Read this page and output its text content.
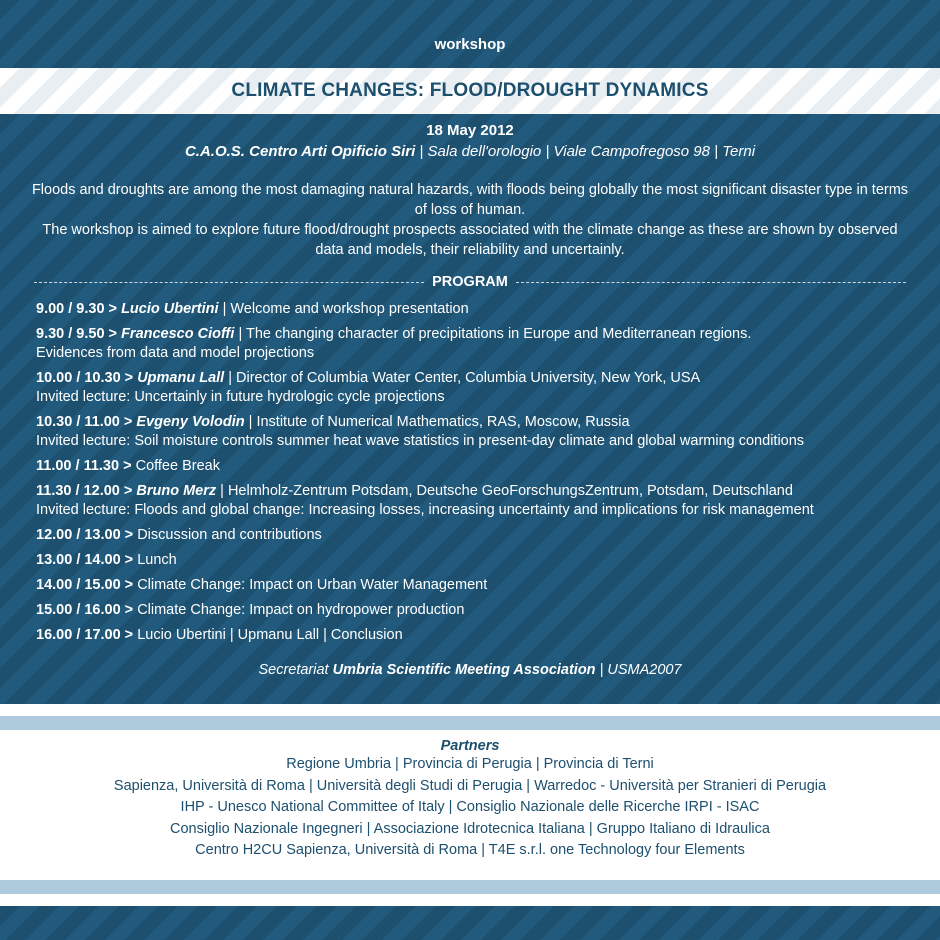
workshop
CLIMATE CHANGES: FLOOD/DROUGHT DYNAMICS
18 May 2012
C.A.O.S. Centro Arti Opificio Siri | Sala dell'orologio | Viale Campofregoso 98 | Terni

Floods and droughts are among the most damaging natural hazards, with floods being globally the most significant disaster type in terms of loss of human.

The workshop is aimed to explore future flood/drought prospects associated with the climate change as these are shown by observed data and models, their reliability and uncertainly.

PROGRAM
9.00 / 9.30 > Lucio Ubertini | Welcome and workshop presentation
9.30 / 9.50 > Francesco Cioffi | The changing character of precipitations in Europe and Mediterranean regions.
Evidences from data and model projections
10.00 / 10.30 > Upmanu Lall | Director of Columbia Water Center, Columbia University, New York, USA
Invited lecture: Uncertainly in future hydrologic cycle projections
10.30 / 11.00 > Evgeny Volodin | Institute of Numerical Mathematics, RAS, Moscow, Russia
Invited lecture: Soil moisture controls summer heat wave statistics in present-day climate and global warming conditions
11.00 / 11.30 > Coffee Break
11.30 / 12.00 > Bruno Merz | Helmholz-Zentrum Potsdam, Deutsche GeoForschungsZentrum, Potsdam, Deutschland
Invited lecture: Floods and global change: Increasing losses, increasing uncertainty and implications for risk management
12.00 / 13.00 > Discussion and contributions
13.00 / 14.00 > Lunch
14.00 / 15.00 > Climate Change: Impact on Urban Water Management
15.00 / 16.00 > Climate Change: Impact on hydropower production
16.00 / 17.00 > Lucio Ubertini | Upmanu Lall | Conclusion
Secretariat Umbria Scientific Meeting Association | USMA2007
Partners
Regione Umbria | Provincia di Perugia | Provincia di Terni
Sapienza, Università di Roma | Università degli Studi di Perugia | Warredoc - Università per Stranieri di Perugia
IHP - Unesco National Committee of Italy | Consiglio Nazionale delle Ricerche IRPI - ISAC
Consiglio Nazionale Ingegneri | Associazione Idrotecnica Italiana | Gruppo Italiano di Idraulica
Centro H2CU Sapienza, Università di Roma | T4E s.r.l. one Technology four Elements
